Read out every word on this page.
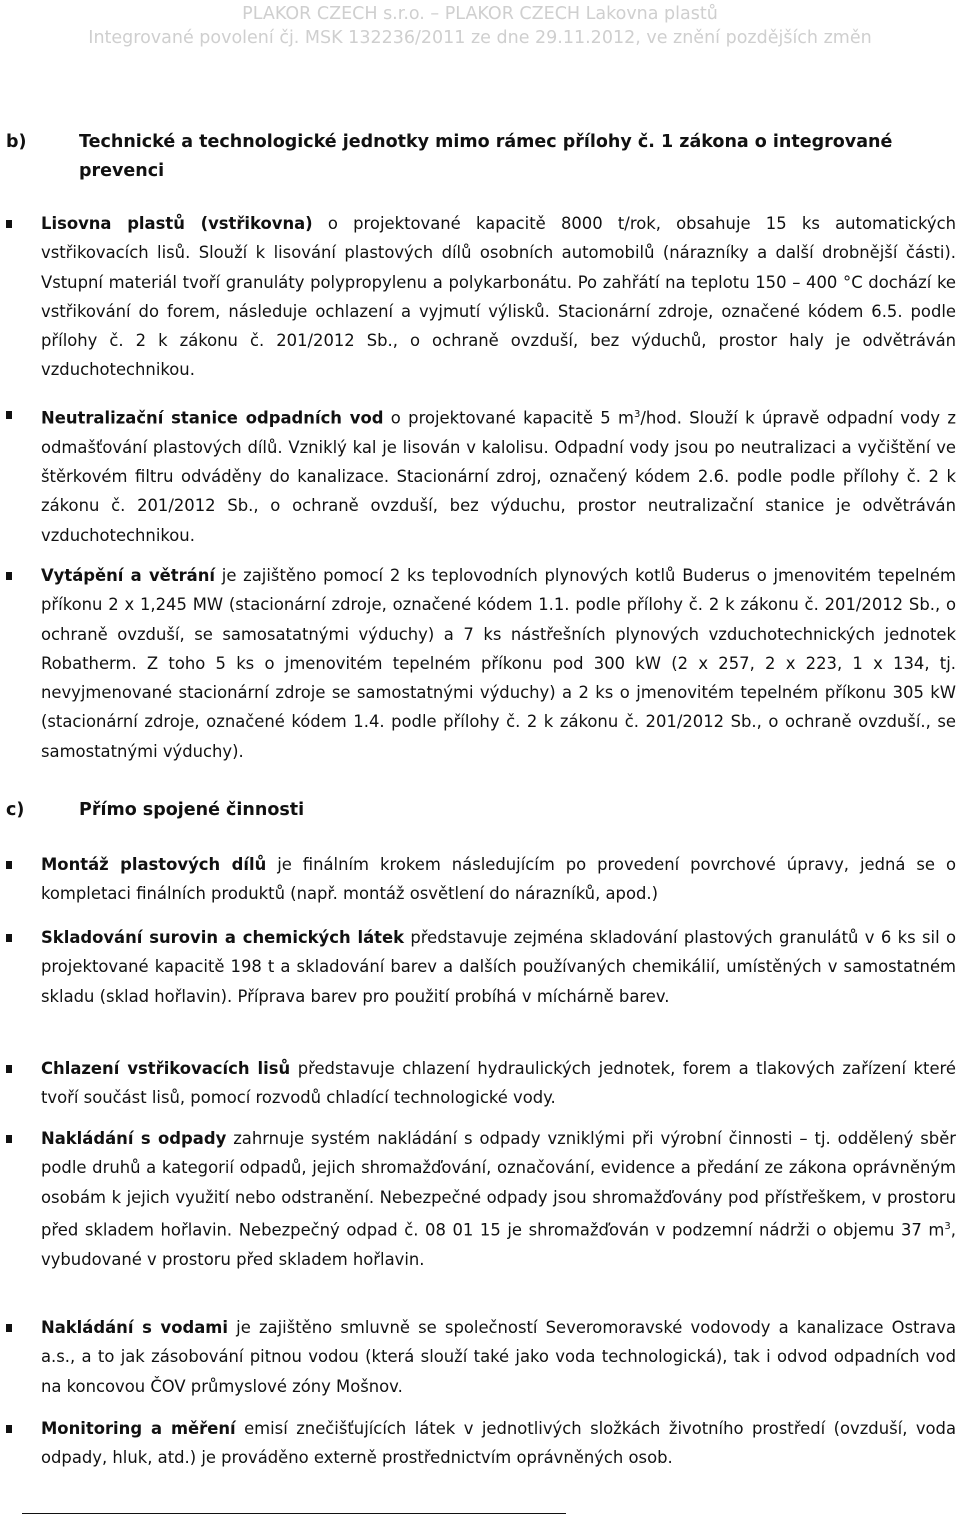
PLAKOR CZECH s.r.o. – PLAKOR CZECH Lakovna plastů
Integrované povolení čj. MSK 132236/2011 ze dne 29.11.2012, ve znění pozdějších změn
b)	Technické a technologické jednotky mimo rámec přílohy č. 1 zákona o integrované prevenci
Lisovna plastů (vstřikovna) o projektované kapacitě 8000 t/rok, obsahuje 15 ks automatických vstřikovacích lisů. Slouží k lisování plastových dílů osobních automobilů (nárazníky a další drobnější části). Vstupní materiál tvoří granuláty polypropylenu a polykarbonátu. Po zahřátí na teplotu 150 – 400 °C dochází ke vstřikování do forem, následuje ochlazení a vyjmutí výlisků. Stacionární zdroje, označené kódem 6.5. podle přílohy č. 2 k zákonu č. 201/2012 Sb., o ochraně ovzduší, bez výduchů, prostor haly je odvětráván vzduchotechnikou.
Neutralizační stanice odpadních vod o projektované kapacitě 5 $m^3$/hod. Slouží k úpravě odpadní vody z odmašťování plastových dílů. Vzniklý kal je lisován v kalolisu. Odpadní vody jsou po neutralizaci a vyčištění ve štěrkovém filtru odváděny do kanalizace. Stacionární zdroj, označený kódem 2.6. podle podle přílohy č. 2 k zákonu č. 201/2012 Sb., o ochraně ovzduší, bez výduchu, prostor neutralizační stanice je odvětráván vzduchotechnikou.
Vytápění a větrání je zajištěno pomocí 2 ks teplovodních plynových kotlů Buderus o jmenovitém tepelném příkonu 2 x 1,245 MW (stacionární zdroje, označené kódem 1.1. podle přílohy č. 2 k zákonu č. 201/2012 Sb., o ochraně ovzduší, se samosatatnými výduchy) a 7 ks nástřešních plynových vzduchotechnických jednotek Robatherm. Z toho 5 ks o jmenovitém tepelném příkonu pod 300 kW (2 x 257, 2 x 223, 1 x 134, tj. nevyjmenované stacionární zdroje se samostatnými výduchy) a 2 ks o jmenovitém tepelném příkonu 305 kW (stacionární zdroje, označené kódem 1.4. podle přílohy č. 2 k zákonu č. 201/2012 Sb., o ochraně ovzduší., se samostatnými výduchy).
c)	Přímo spojené činnosti
Montáž plastových dílů je finálním krokem následujícím po provedení povrchové úpravy, jedná se o kompletaci finálních produktů (např. montáž osvětlení do nárazníků, apod.)
Skladování surovin a chemických látek představuje zejména skladování plastových granulátů v 6 ks sil o projektované kapacitě 198 t a skladování barev a dalších používaných chemikálií, umístěných v samostatném skladu (sklad hořlavin). Příprava barev pro použití probíhá v míchárně barev.
Chlazení vstřikovacích lisů představuje chlazení hydraulických jednotek, forem a tlakových zařízení které tvoří součást lisů, pomocí rozvodů chladící technologické vody.
Nakládání s odpady zahrnuje systém nakládání s odpady vzniklými při výrobní činnosti – tj. oddělený sběr podle druhů a kategorií odpadů, jejich shromažďování, označování, evidence a předání ze zákona oprávněným osobám k jejich využití nebo odstranění. Nebezpečné odpady jsou shromažďovány pod přístřeškem, v prostoru před skladem hořlavin. Nebezpečný odpad č. 08 01 15 je shromažďován v podzemní nádrži o objemu 37 $m^3$, vybudované v prostoru před skladem hořlavin.
Nakládání s vodami je zajištěno smluvně se společností Severomoravské vodovody a kanalizace Ostrava a.s., a to jak zásobování pitnou vodou (která slouží také jako voda technologická), tak i odvod odpadních vod na koncovou ČOV průmyslové zóny Mošnov.
Monitoring a měření emisí znečišťujících látek v jednotlivých složkách životního prostředí (ovzduší, voda odpady, hluk, atd.) je prováděno externě prostřednictvím oprávněných osob.
